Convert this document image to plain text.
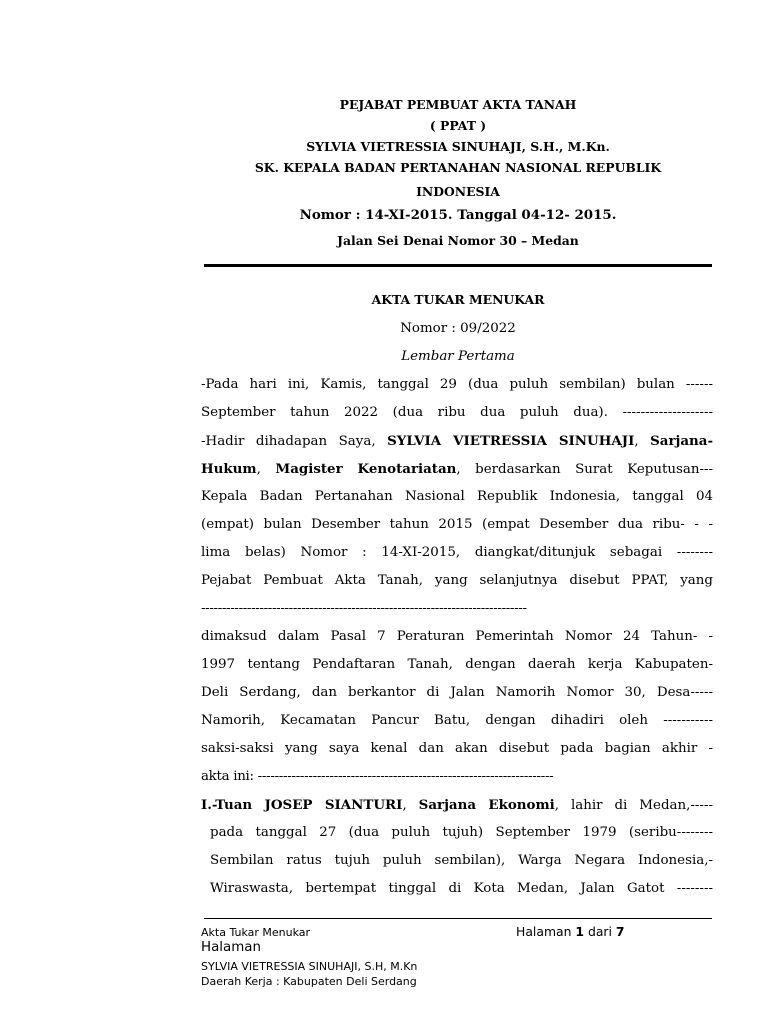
PEJABAT PEMBUAT AKTA TANAH
( PPAT )
SYLVIA VIETRESSIA SINUHAJI, S.H., M.Kn.
SK. KEPALA BADAN PERTANAHAN NASIONAL REPUBLIK
INDONESIA
Nomor : 14-XI-2015. Tanggal 04-12- 2015.
Jalan Sei Denai Nomor 30 – Medan
AKTA TUKAR MENUKAR
Nomor : 09/2022
Lembar Pertama
-Pada hari ini, Kamis, tanggal 29 (dua puluh sembilan) bulan ------
September tahun 2022 (dua ribu dua puluh dua). --------------------
-Hadir dihadapan Saya, SYLVIA VIETRESSIA SINUHAJI, Sarjana-
Hukum, Magister Kenotariatan, berdasarkan Surat Keputusan---
Kepala Badan Pertanahan Nasional Republik Indonesia, tanggal 04
(empat) bulan Desember tahun 2015 (empat Desember dua ribu- - -
lima belas) Nomor : 14-XI-2015, diangkat/ditunjuk sebagai --------
Pejabat Pembuat Akta Tanah, yang selanjutnya disebut PPAT, yang
------------------------------------------------------------------------------
dimaksud dalam Pasal 7 Peraturan Pemerintah Nomor 24 Tahun- -
1997 tentang Pendaftaran Tanah, dengan daerah kerja Kabupaten-
Deli Serdang, dan berkantor di Jalan Namorih Nomor 30, Desa-----
Namorih, Kecamatan Pancur Batu, dengan dihadiri oleh -----------
saksi-saksi yang saya kenal dan akan disebut pada bagian akhir -
akta ini: ----------------------------------------------------------------------
I.-Tuan JOSEP SIANTURI, Sarjana Ekonomi, lahir di Medan,-----
pada tanggal 27 (dua puluh tujuh) September 1979 (seribu--------
Sembilan ratus tujuh puluh sembilan), Warga Negara Indonesia,-
Wiraswasta, bertempat tinggal di Kota Medan, Jalan Gatot --------
Akta Tukar Menukar	Halaman 1 dari 7
Halaman
SYLVIA VIETRESSIA SINUHAJI, S.H, M.Kn
Daerah Kerja : Kabupaten Deli Serdang
